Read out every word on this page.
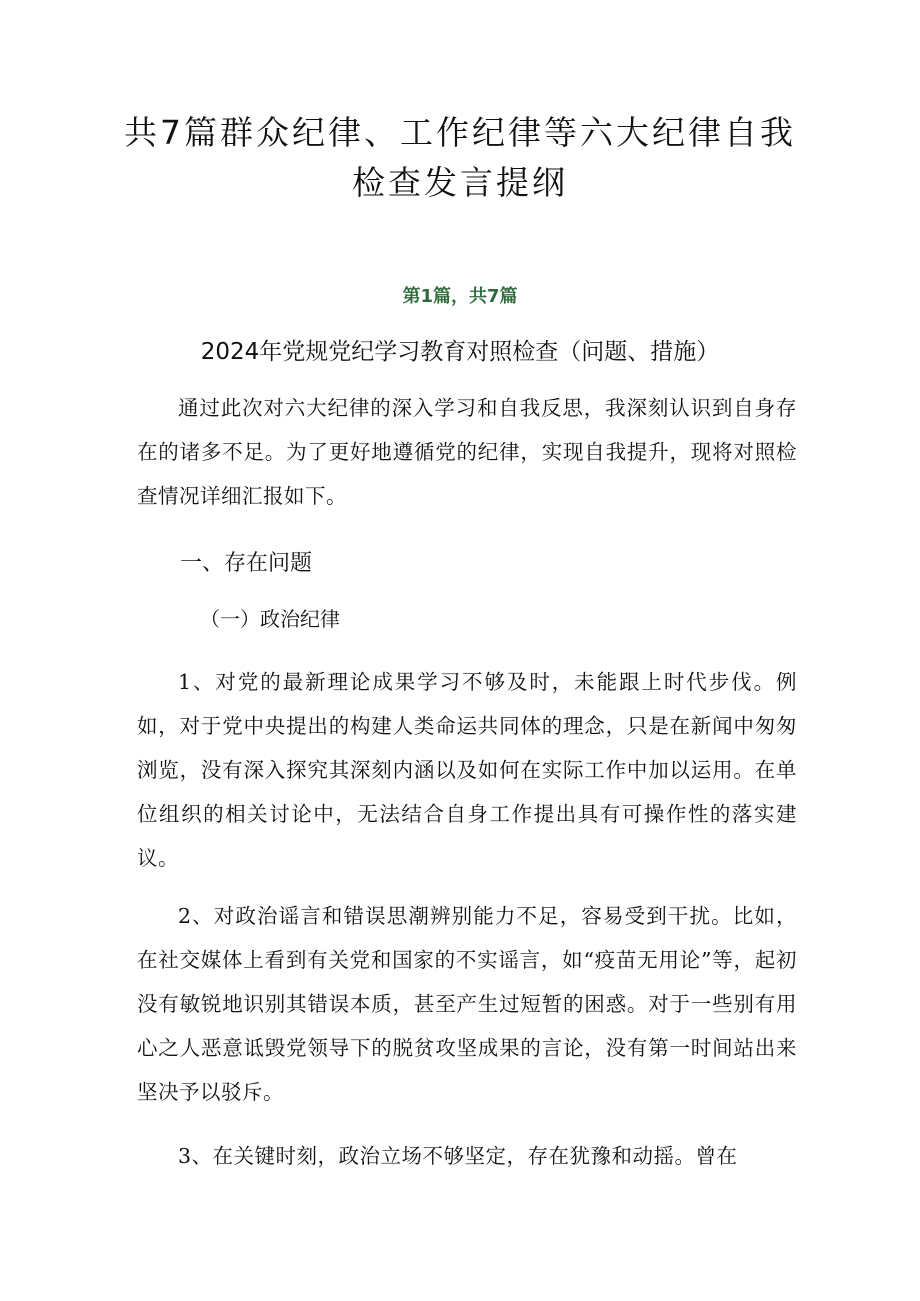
共7篇群众纪律、工作纪律等六大纪律自我检查发言提纲
第1篇，共7篇
2024年党规党纪学习教育对照检查（问题、措施）

通过此次对六大纪律的深入学习和自我反思，我深刻认识到自身存在的诸多不足。为了更好地遵循党的纪律，实现自我提升，现将对照检查情况详细汇报如下。

一、存在问题
（一）政治纪律

1、对党的最新理论成果学习不够及时，未能跟上时代步伐。例如，对于党中央提出的构建人类命运共同体的理念，只是在新闻中匆匆浏览，没有深入探究其深刻内涵以及如何在实际工作中加以运用。在单位组织的相关讨论中，无法结合自身工作提出具有可操作性的落实建议。

2、对政治谣言和错误思潮辨别能力不足，容易受到干扰。比如，在社交媒体上看到有关党和国家的不实谣言，如“疫苗无用论”等，起初没有敏锐地识别其错误本质，甚至产生过短暂的困惑。对于一些别有用心之人恶意诋毁党领导下的脱贫攻坚成果的言论，没有第一时间站出来坚决予以驳斥。

3、在关键时刻，政治立场不够坚定，存在犹豫和动摇。曾在
